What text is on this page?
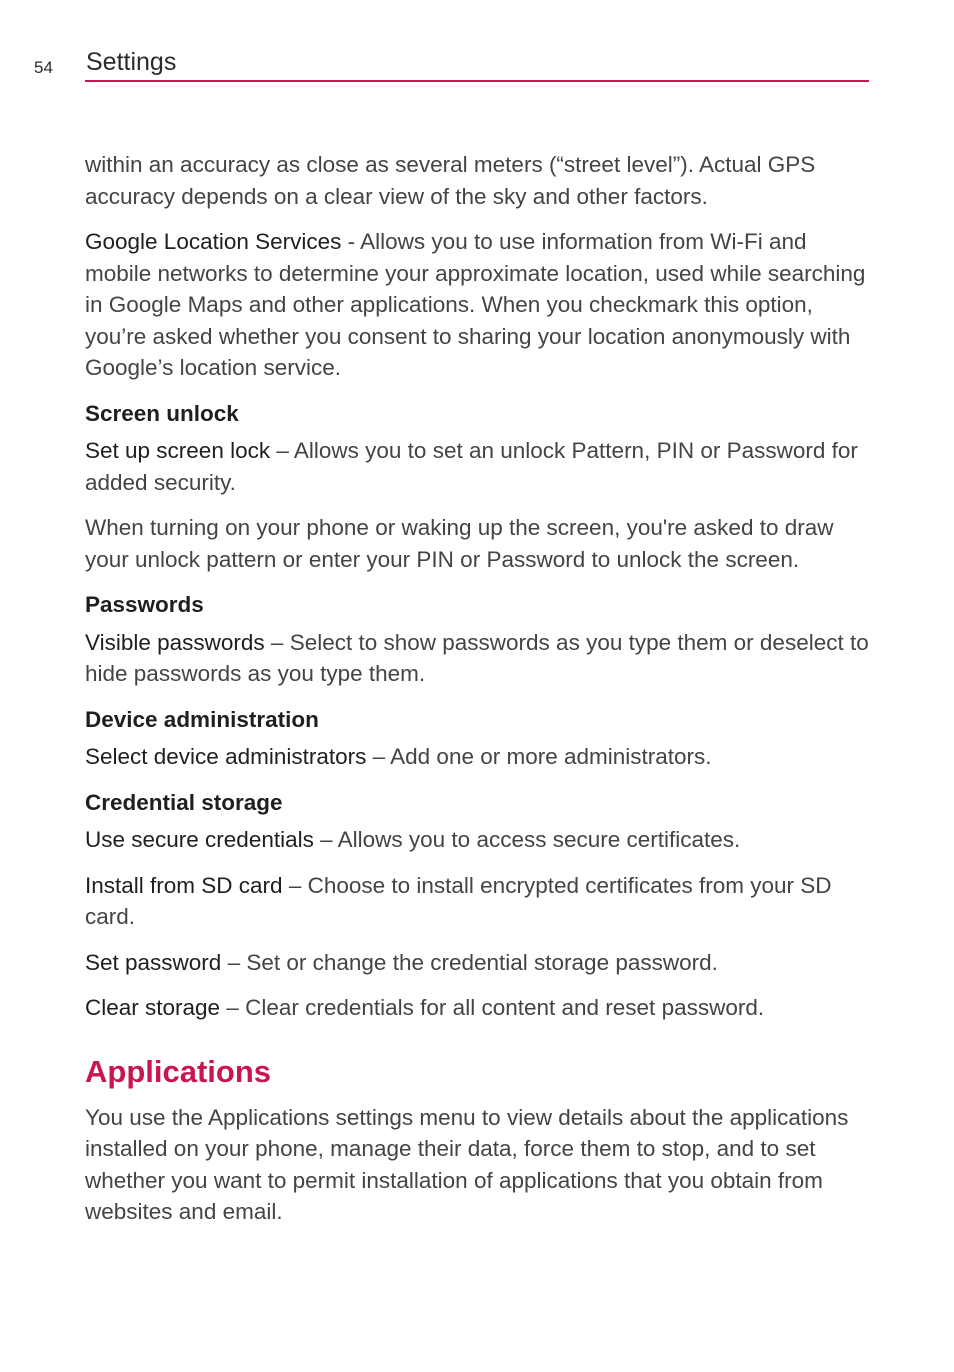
54 Settings

within an accuracy as close as several meters (“street level”). Actual GPS accuracy depends on a clear view of the sky and other factors.

Google Location Services - Allows you to use information from Wi-Fi and mobile networks to determine your approximate location, used while searching in Google Maps and other applications. When you checkmark this option, you’re asked whether you consent to sharing your location anonymously with Google’s location service.

Screen unlock

Set up screen lock – Allows you to set an unlock Pattern, PIN or Password for added security.

When turning on your phone or waking up the screen, you're asked to draw your unlock pattern or enter your PIN or Password to unlock the screen.

Passwords

Visible passwords – Select to show passwords as you type them or deselect to hide passwords as you type them.

Device administration

Select device administrators – Add one or more administrators.

Credential storage

Use secure credentials – Allows you to access secure certificates.

Install from SD card – Choose to install encrypted certificates from your SD card.

Set password – Set or change the credential storage password.

Clear storage – Clear credentials for all content and reset password.

Applications

You use the Applications settings menu to view details about the applications installed on your phone, manage their data, force them to stop, and to set whether you want to permit installation of applications that you obtain from websites and email.
